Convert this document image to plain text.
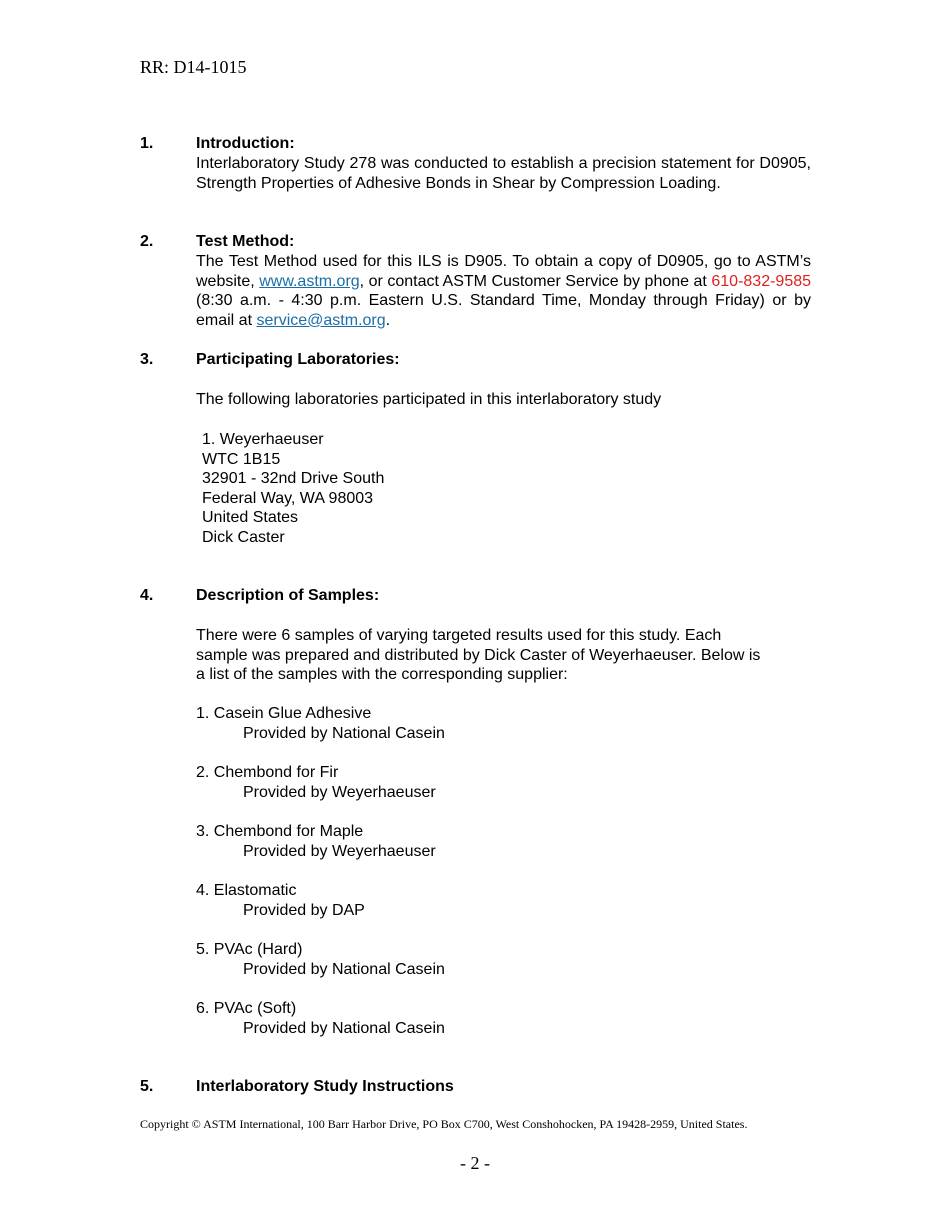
RR: D14-1015
1.	Introduction:
Interlaboratory Study 278 was conducted to establish a precision statement for D0905, Strength Properties of Adhesive Bonds in Shear by Compression Loading.
2.	Test Method:
The Test Method used for this ILS is D905. To obtain a copy of D0905, go to ASTM’s website, www.astm.org, or contact ASTM Customer Service by phone at 610-832-9585 (8:30 a.m. - 4:30 p.m. Eastern U.S. Standard Time, Monday through Friday) or by email at service@astm.org.
3.	Participating Laboratories:
The following laboratories participated in this interlaboratory study
1. Weyerhaeuser
WTC 1B15
32901 - 32nd Drive South
Federal Way, WA 98003
United States
Dick Caster
4.	Description of Samples:
There were 6 samples of varying targeted results used for this study. Each
sample was prepared and distributed by Dick Caster of Weyerhaeuser. Below is
a list of the samples with the corresponding supplier:
1. Casein Glue Adhesive
Provided by National Casein
2. Chembond for Fir
Provided by Weyerhaeuser
3. Chembond for Maple
Provided by Weyerhaeuser
4. Elastomatic
Provided by DAP
5. PVAc (Hard)
Provided by National Casein
6. PVAc (Soft)
Provided by National Casein
5.	Interlaboratory Study Instructions
Copyright © ASTM International, 100 Barr Harbor Drive, PO Box C700, West Conshohocken, PA 19428-2959, United States.
- 2 -
